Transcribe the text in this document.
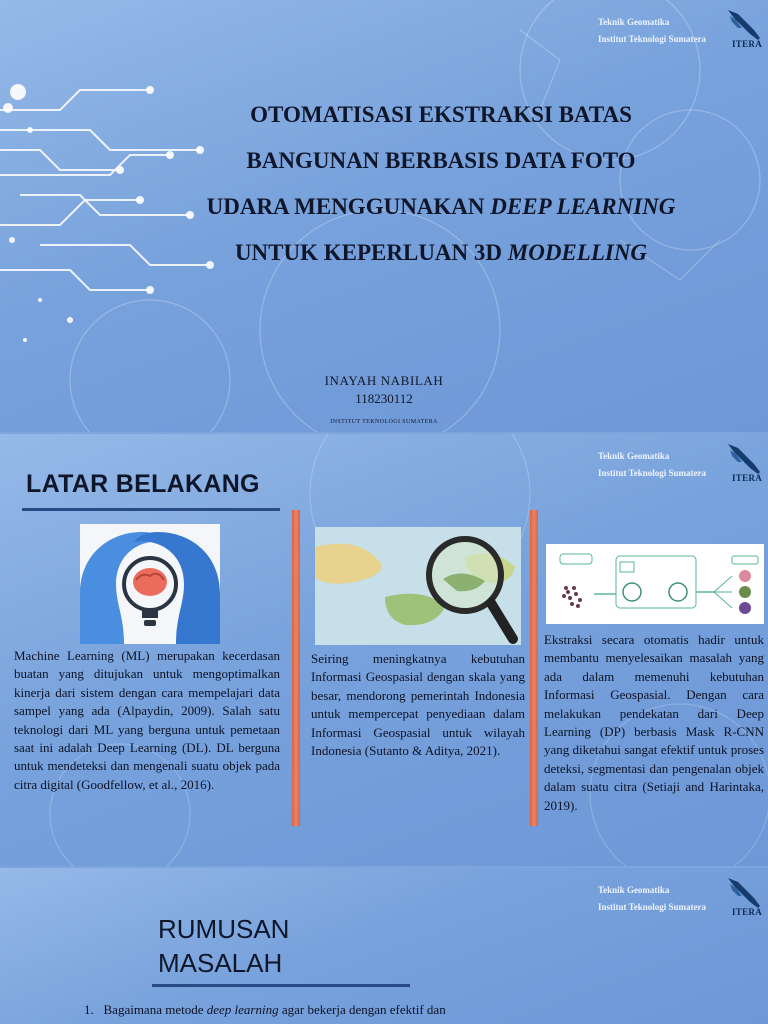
Teknik Geomatika
Institut Teknologi Sumatera	ITERA
OTOMATISASI EKSTRAKSI BATAS BANGUNAN BERBASIS DATA FOTO UDARA MENGGUNAKAN DEEP LEARNING UNTUK KEPERLUAN 3D MODELLING
INAYAH NABILAH
118230112
INSTITUT TEKNOLOGI SUMATERA
Teknik Geomatika
Institut Teknologi Sumatera	ITERA
LATAR BELAKANG

Machine Learning (ML) merupakan kecerdasan buatan yang ditujukan untuk mengoptimalkan kinerja dari sistem dengan cara mempelajari data sampel yang ada (Alpaydin, 2009). Salah satu teknologi dari ML yang berguna untuk pemetaan saat ini adalah Deep Learning (DL). DL berguna untuk mendeteksi dan mengenali suatu objek pada citra digital (Goodfellow, et al., 2016).

Seiring meningkatnya kebutuhan Informasi Geospasial dengan skala yang besar, mendorong pemerintah Indonesia untuk mempercepat penyediaan dalam Informasi Geospasial untuk wilayah Indonesia (Sutanto & Aditya, 2021).

Ekstraksi secara otomatis hadir untuk membantu menyelesaikan masalah yang ada dalam memenuhi kebutuhan Informasi Geospasial. Dengan cara melakukan pendekatan dari Deep Learning (DP) berbasis Mask R-CNN yang diketahui sangat efektif untuk proses deteksi, segmentasi dan pengenalan objek dalam suatu citra (Setiaji and Harintaka, 2019).

Teknik Geomatika
Institut Teknologi Sumatera	ITERA
RUMUSAN
MASALAH
1. Bagaimana metode deep learning agar bekerja dengan efektif dan
